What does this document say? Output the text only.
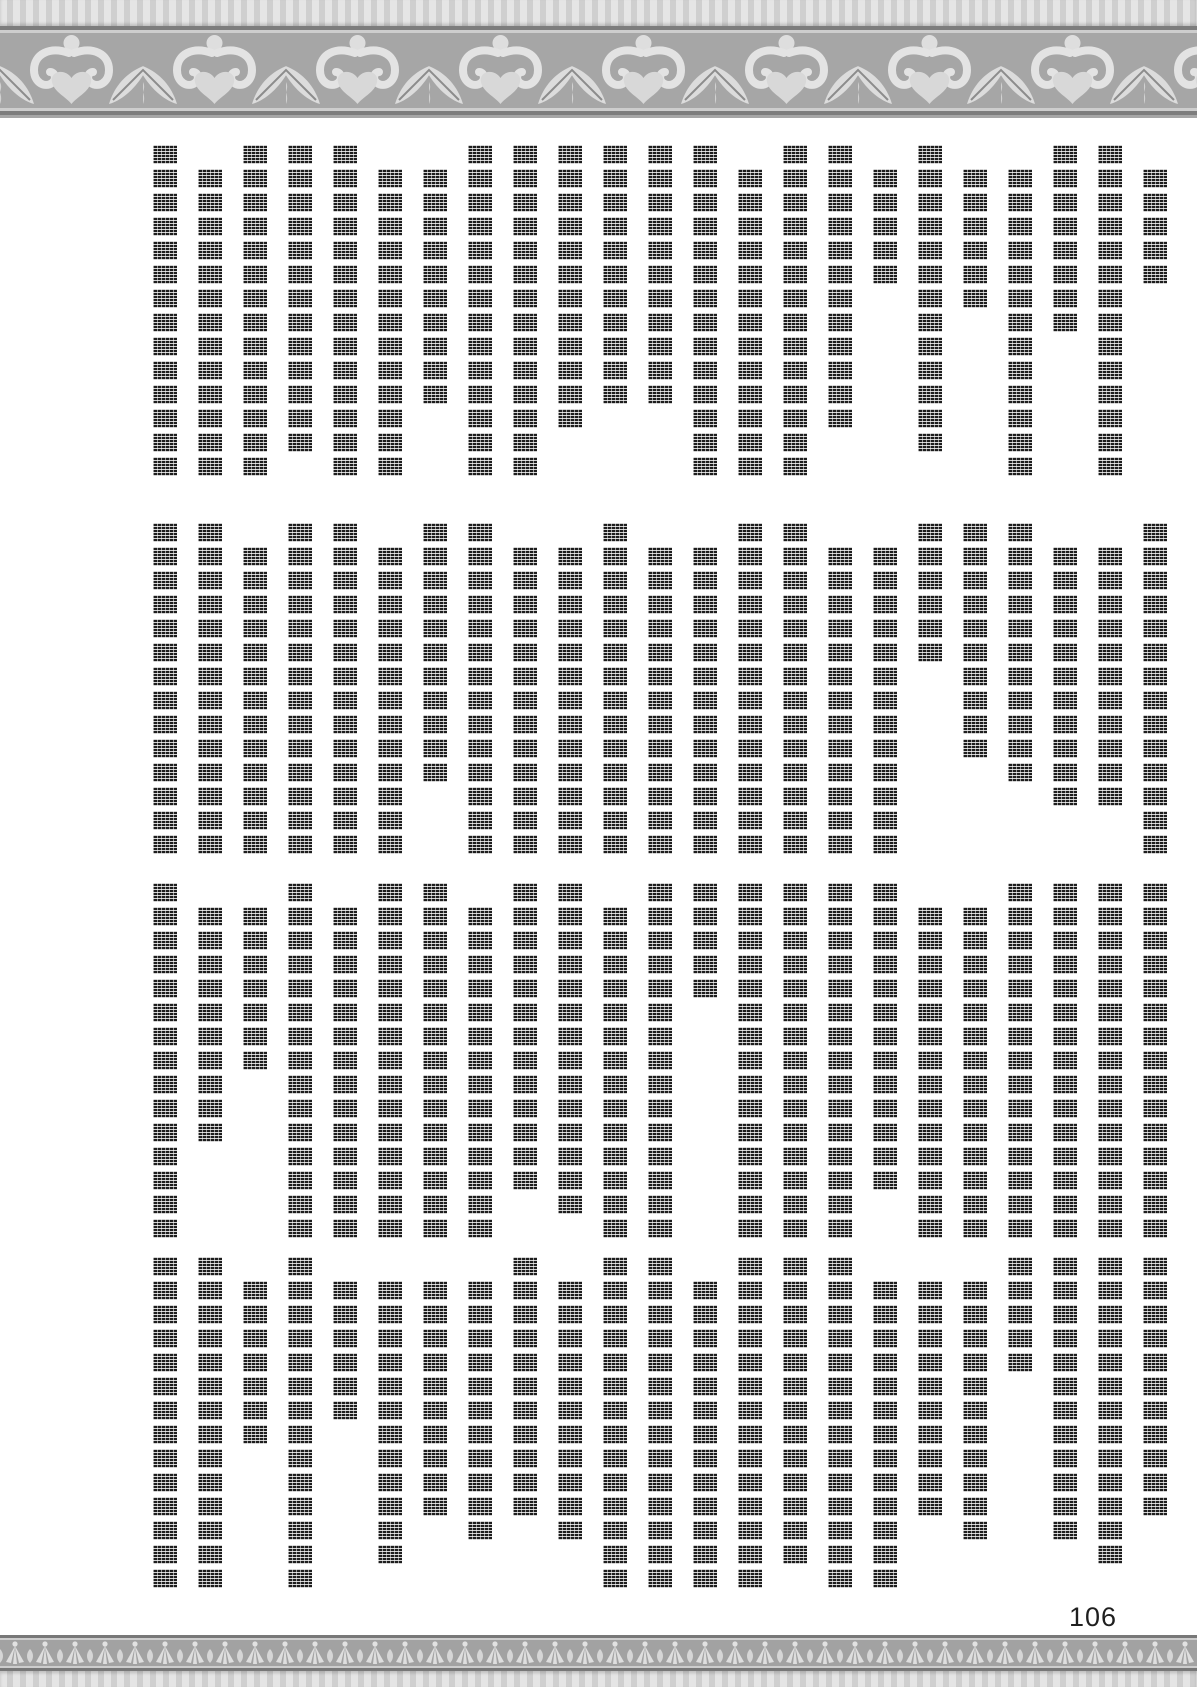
106
